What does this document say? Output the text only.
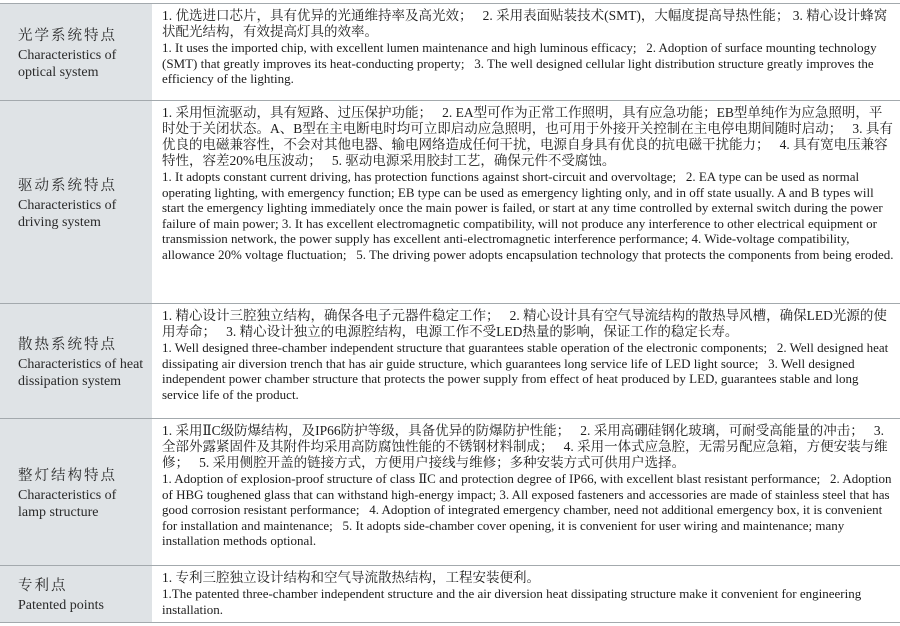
光学系统特点
Characteristics of optical system
1. 优选进口芯片，具有优异的光通维持率及高光效；　 2. 采用表面贴装技术(SMT)，大幅度提高导热性能； 3. 精心设计蜂窝状配光结构，有效提高灯具的效率。
1. It uses the imported chip, with excellent lumen maintenance and high luminous efficacy;   2. Adoption of surface mounting technology (SMT) that greatly improves its heat-conducting property;   3. The well designed cellular light distribution structure greatly improves the efficiency of the lighting.
驱动系统特点
Characteristics of driving system
1. 采用恒流驱动，具有短路、过压保护功能；　 2. EA型可作为正常工作照明，具有应急功能；EB型单纯作为应急照明，平时处于关闭状态。A、B型在主电断电时均可立即启动应急照明，也可用于外接开关控制在主电停电期间随时启动；　 3. 具有优良的电磁兼容性，不会对其他电器、输电网络造成任何干扰，电源自身具有优良的抗电磁干扰能力；　 4. 具有宽电压兼容特性，容差20%电压波动；　 5. 驱动电源采用胶封工艺，确保元件不受腐蚀。
1. It adopts constant current driving, has protection functions against short-circuit and overvoltage;   2. EA type can be used as normal operating lighting, with emergency function; EB type can be used as emergency lighting only, and in off state usually. A and B types will start the emergency lighting immediately once the main power is failed, or start at any time controlled by external switch during the power failure of main power; 3. It has excellent electromagnetic compatibility, will not produce any interference to other electrical equipment or transmission network, the power supply has excellent anti-electromagnetic interference performance; 4. Wide-voltage compatibility, allowance 20% voltage fluctuation;   5. The driving power adopts encapsulation technology that protects the components from being eroded.
散热系统特点
Characteristics of heat dissipation system
1. 精心设计三腔独立结构，确保各电子元器件稳定工作；　 2. 精心设计具有空气导流结构的散热导风槽，确保LED光源的使用寿命；　 3. 精心设计独立的电源腔结构，电源工作不受LED热量的影响，保证工作的稳定长寿。
1. Well designed three-chamber independent structure that guarantees stable operation of the electronic components;   2. Well designed heat dissipating air diversion trench that has air guide structure, which guarantees long service life of LED light source;   3. Well designed independent power chamber structure that protects the power supply from effect of heat produced by LED, guarantees stable and long service life of the product.
整灯结构特点
Characteristics of lamp structure
1. 采用ⅡC级防爆结构，及IP66防护等级，具备优异的防爆防护性能；　 2. 采用高硼硅钢化玻璃，可耐受高能量的冲击；　 3. 全部外露紧固件及其附件均采用高防腐蚀性能的不锈钢材料制成；　 4. 采用一体式应急腔，无需另配应急箱，方便安装与维修；　 5. 采用侧腔开盖的链接方式，方便用户接线与维修；多种安装方式可供用户选择。
1. Adoption of explosion-proof structure of class ⅡC and protection degree of IP66, with excellent blast resistant performance;   2. Adoption of HBG toughened glass that can withstand high-energy impact; 3. All exposed fasteners and accessories are made of stainless steel that has good corrosion resistant performance;   4. Adoption of integrated emergency chamber, need not additional emergency box, it is convenient for installation and maintenance;   5. It adopts side-chamber cover opening, it is convenient for user wiring and maintenance; many installation methods optional.
专利点
Patented points
1. 专利三腔独立设计结构和空气导流散热结构，工程安装便利。
1.The patented three-chamber independent structure and the air diversion heat dissipating structure make it convenient for engineering installation.
